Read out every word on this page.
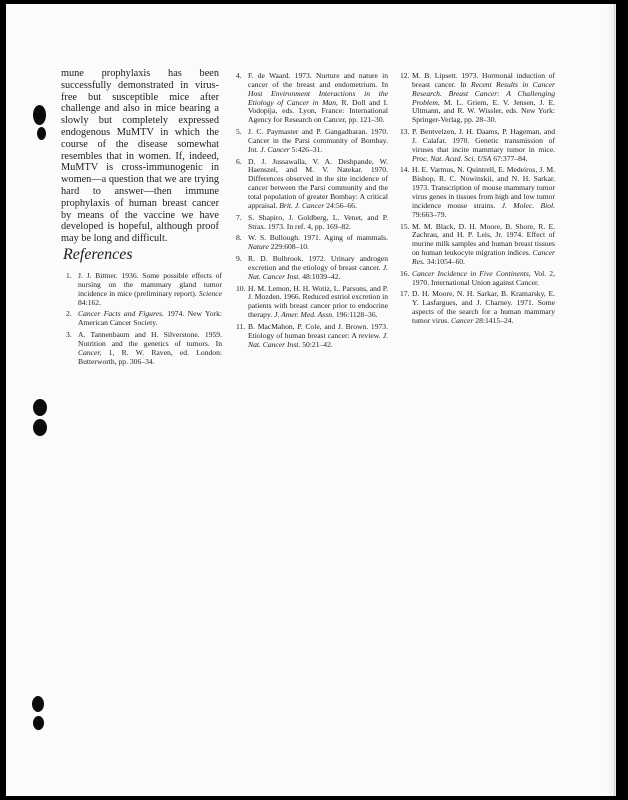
mune prophylaxis has been successfully demonstrated in virus-free but susceptible mice after challenge and also in mice bearing a slowly but completely expressed endogenous MuMTV in which the course of the disease somewhat resembles that in women. If, indeed, MuMTV is cross-immunogenic in women—a question that we are trying hard to answer—then immune prophylaxis of human breast cancer by means of the vaccine we have developed is hopeful, although proof may be long and difficult.
References
1. J. J. Bittner. 1936. Some possible effects of nursing on the mammary gland tumor incidence in mice (preliminary report). Science 84:162.
2. Cancer Facts and Figures. 1974. New York: American Cancer Society.
3. A. Tannenbaum and H. Silverstone. 1959. Nutrition and the genetics of tumors. In Cancer, 1, R. W. Raven, ed. London: Butterworth, pp. 306–34.
4. F. de Waard. 1973. Nurture and nature in cancer of the breast and endometrium. In Host Environment Interactions in the Etiology of Cancer in Man, R. Doll and I. Vodopija, eds. Lyon, France: International Agency for Research on Cancer, pp. 121–30.
5. J. C. Paymaster and P. Gangadharan. 1970. Cancer in the Parsi community of Bombay. Int. J. Cancer 5:426–31.
6. D. J. Jussawalla, V. A. Deshpande, W. Haenszel, and M. V. Natekar. 1970. Differences observed in the site incidence of cancer between the Parsi community and the total population of greater Bombay: A critical appraisal. Brit. J. Cancer 24:56–66.
7. S. Shapiro, J. Goldberg, L. Venet, and P. Strax. 1973. In ref. 4, pp. 169–82.
8. W. S. Bullough. 1971. Aging of mammals. Nature 229:608–10.
9. R. D. Bulbrook. 1972. Urinary androgen excretion and the etiology of breast cancer. J. Nat. Cancer Inst. 48:1039–42.
10. H. M. Lemon, H. H. Wotiz, L. Parsons, and P. J. Mozden. 1966. Reduced estriol excretion in patients with breast cancer prior to endocrine therapy. J. Amer. Med. Assn. 196:1128–36.
11. B. MacMahon, P. Cole, and J. Brown. 1973. Etiology of human breast cancer: A review. J. Nat. Cancer Inst. 50:21–42.
12. M. B. Lipsett. 1973. Hormonal induction of breast cancer. In Recent Results in Cancer Research. Breast Cancer: A Challenging Problem, M. L. Griem, E. V. Jensen, J. E. Ultmann, and R. W. Wissler, eds. New York: Springer-Verlag, pp. 28–30.
13. P. Bentvelzen, J. H. Daams, P. Hageman, and J. Calafat. 1970. Genetic transmission of viruses that incite mammary tumor in mice. Proc. Nat. Acad. Sci. USA 67:377–84.
14. H. E. Varmus, N. Quintrell, E. Medeiros, J. M. Bishop, R. C. Nowinskii, and N. H. Sarkar. 1973. Transcription of mouse mammary tumor virus genes in tissues from high and low tumor incidence mouse strains. J. Molec. Biol. 79:663–79.
15. M. M. Black, D. H. Moore, B. Shore, R. E. Zachrau, and H. P. Leis, Jr. 1974. Effect of murine milk samples and human breast tissues on human leukocyte migration indices. Cancer Res. 34:1054–60.
16. Cancer Incidence in Five Continents, Vol. 2, 1970. International Union against Cancer.
17. D. H. Moore, N. H. Sarkar, B. Kramarsky, E. Y. Lasfargues, and J. Charney. 1971. Some aspects of the search for a human mammary tumor virus. Cancer 28:1415–24.
